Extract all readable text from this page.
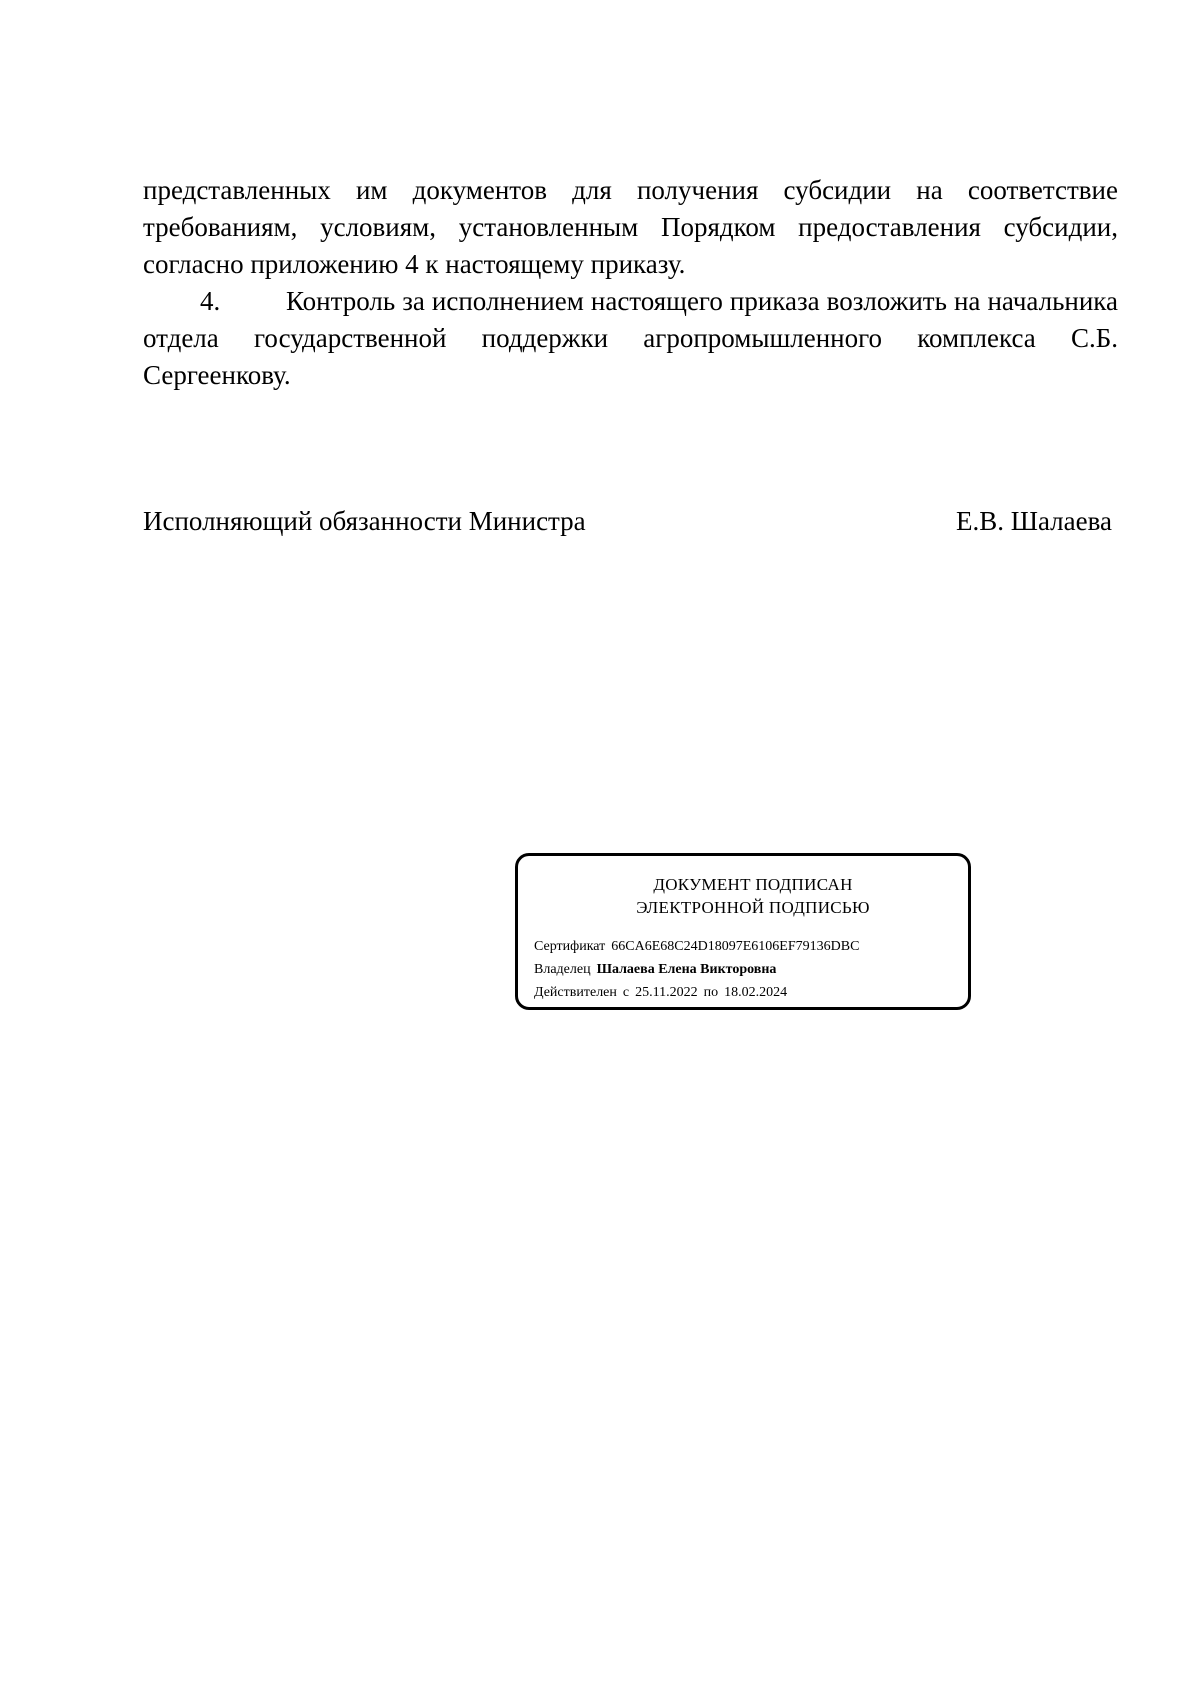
представленных им документов для получения субсидии на соответствие требованиям, условиям, установленным Порядком предоставления субсидии, согласно приложению 4 к настоящему приказу.

4. Контроль за исполнением настоящего приказа возложить на начальника отдела государственной поддержки агропромышленного комплекса С.Б. Сергеенкову.

Исполняющий обязанности Министра	Е.В. Шалаева
ДОКУМЕНТ ПОДПИСАН
ЭЛЕКТРОННОЙ ПОДПИСЬЮ
Сертификат 66CA6E68C24D18097E6106EF79136DBC
Владелец Шалаева Елена Викторовна
Действителен с 25.11.2022 по 18.02.2024
